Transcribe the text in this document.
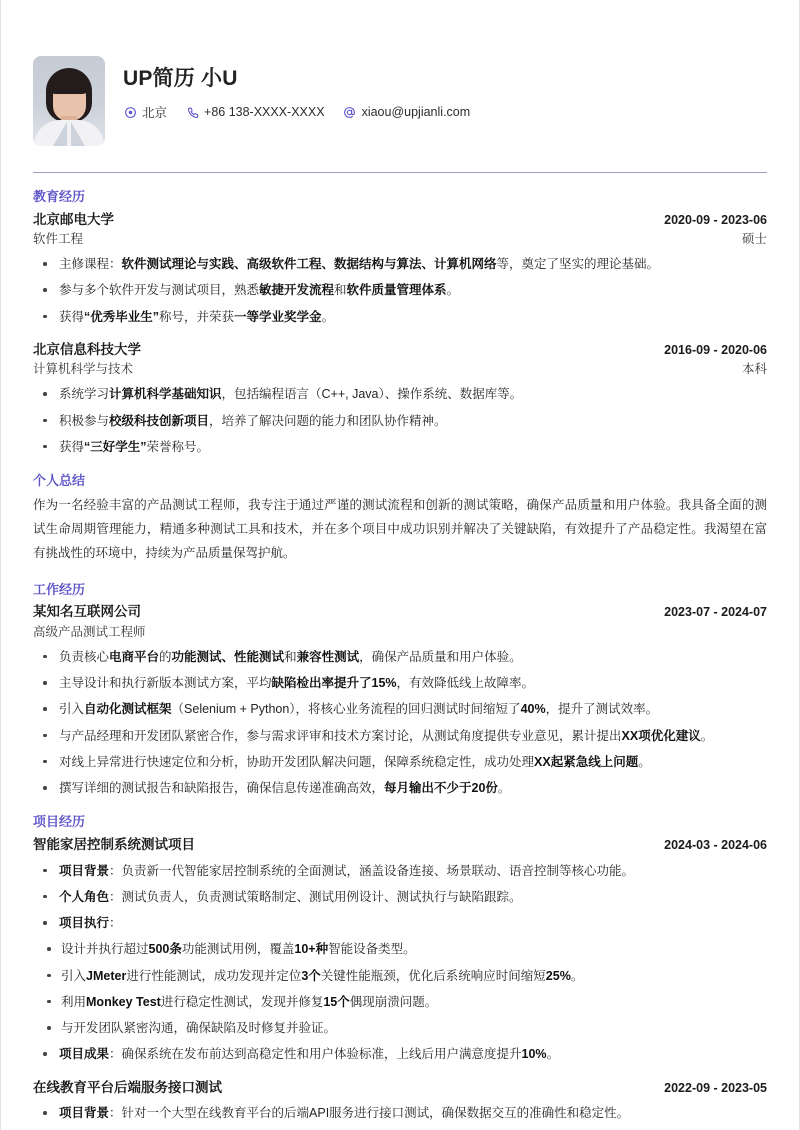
UP简历 小U
北京	+86 138-XXXX-XXXX	xiaou@upjianli.com
教育经历
北京邮电大学	2020-09 - 2023-06
软件工程	硕士
主修课程：软件测试理论与实践、高级软件工程、数据结构与算法、计算机网络等，奠定了坚实的理论基础。
参与多个软件开发与测试项目，熟悉敏捷开发流程和软件质量管理体系。
获得“优秀毕业生”称号，并荣获一等学业奖学金。
北京信息科技大学	2016-09 - 2020-06
计算机科学与技术	本科
系统学习计算机科学基础知识，包括编程语言（C++, Java）、操作系统、数据库等。
积极参与校级科技创新项目，培养了解决问题的能力和团队协作精神。
获得“三好学生”荣誉称号。
个人总结
作为一名经验丰富的产品测试工程师，我专注于通过严谨的测试流程和创新的测试策略，确保产品质量和用户体验。我具备全面的测试生命周期管理能力，精通多种测试工具和技术，并在多个项目中成功识别并解决了关键缺陷，有效提升了产品稳定性。我渴望在富有挑战性的环境中，持续为产品质量保驾护航。
工作经历
某知名互联网公司	2023-07 - 2024-07
高级产品测试工程师
负责核心电商平台的功能测试、性能测试和兼容性测试，确保产品质量和用户体验。
主导设计和执行新版本测试方案，平均缺陷检出率提升了15%，有效降低线上故障率。
引入自动化测试框架（Selenium + Python），将核心业务流程的回归测试时间缩短了40%，提升了测试效率。
与产品经理和开发团队紧密合作，参与需求评审和技术方案讨论，从测试角度提供专业意见，累计提出XX项优化建议。
对线上异常进行快速定位和分析，协助开发团队解决问题，保障系统稳定性，成功处理XX起紧急线上问题。
撰写详细的测试报告和缺陷报告，确保信息传递准确高效，每月输出不少于20份。
项目经历
智能家居控制系统测试项目	2024-03 - 2024-06
项目背景：负责新一代智能家居控制系统的全面测试，涵盖设备连接、场景联动、语音控制等核心功能。
个人角色：测试负责人，负责测试策略制定、测试用例设计、测试执行与缺陷跟踪。
项目执行：
设计并执行超过500条功能测试用例，覆盖10+种智能设备类型。
引入JMeter进行性能测试，成功发现并定位3个关键性能瓶颈，优化后系统响应时间缩短25%。
利用Monkey Test进行稳定性测试，发现并修复15个偶现崩溃问题。
与开发团队紧密沟通，确保缺陷及时修复并验证。
项目成果：确保系统在发布前达到高稳定性和用户体验标准，上线后用户满意度提升10%。
在线教育平台后端服务接口测试	2022-09 - 2023-05
项目背景：针对一个大型在线教育平台的后端API服务进行接口测试，确保数据交互的准确性和稳定性。
